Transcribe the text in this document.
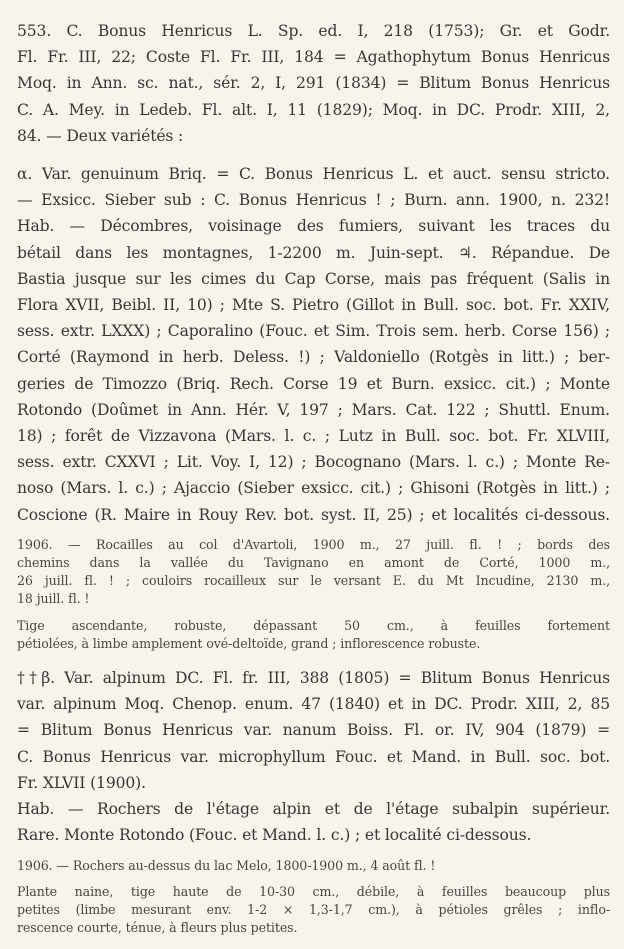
553. C. Bonus Henricus L. Sp. ed. I, 218 (1753); Gr. et Godr.
Fl. Fr. III, 22; Coste Fl. Fr. III, 184 = Agathophytum Bonus Henricus
Moq. in Ann. sc. nat., sér. 2, I, 291 (1834) = Blitum Bonus Henricus
C. A. Mey. in Ledeb. Fl. alt. I, 11 (1829); Moq. in DC. Prodr. XIII, 2,
84. — Deux variétés :
α. Var. genuinum Briq. = C. Bonus Henricus L. et auct. sensu stricto.
— Exsicc. Sieber sub : C. Bonus Henricus ! ; Burn. ann. 1900, n. 232!
Hab. — Décombres, voisinage des fumiers, suivant les traces du
bétail dans les montagnes, 1-2200 m. Juin-sept. ♃. Répandue. De
Bastia jusque sur les cimes du Cap Corse, mais pas fréquent (Salis in
Flora XVII, Beibl. II, 10) ; Mte S. Pietro (Gillot in Bull. soc. bot. Fr. XXIV,
sess. extr. LXXX) ; Caporalino (Fouc. et Sim. Trois sem. herb. Corse 156) ;
Corté (Raymond in herb. Deless. !) ; Valdoniello (Rotgès in litt.) ; ber-
geries de Timozzo (Briq. Rech. Corse 19 et Burn. exsicc. cit.) ; Monte
Rotondo (Doûmet in Ann. Hér. V, 197 ; Mars. Cat. 122 ; Shuttl. Enum.
18) ; forêt de Vizzavona (Mars. l. c. ; Lutz in Bull. soc. bot. Fr. XLVIII,
sess. extr. CXXVI ; Lit. Voy. I, 12) ; Bocognano (Mars. l. c.) ; Monte Re-
noso (Mars. l. c.) ; Ajaccio (Sieber exsicc. cit.) ; Ghisoni (Rotgès in litt.) ;
Coscione (R. Maire in Rouy Rev. bot. syst. II, 25) ; et localités ci-dessous.
1906. — Rocailles au col d'Avartoli, 1900 m., 27 juill. fl. ! ; bords des
chemins dans la vallée du Tavignano en amont de Corté, 1000 m.,
26 juill. fl. ! ; couloirs rocailleux sur le versant E. du Mt Incudine, 2130 m.,
18 juill. fl. !
Tige ascendante, robuste, dépassant 50 cm., à feuilles fortement
pétiolées, à limbe amplement ové-deltoïde, grand ; inflorescence robuste.
††β. Var. alpinum DC. Fl. fr. III, 388 (1805) = Blitum Bonus Henricus
var. alpinum Moq. Chenop. enum. 47 (1840) et in DC. Prodr. XIII, 2, 85
= Blitum Bonus Henricus var. nanum Boiss. Fl. or. IV, 904 (1879) =
C. Bonus Henricus var. microphyllum Fouc. et Mand. in Bull. soc. bot.
Fr. XLVII (1900).
Hab. — Rochers de l'étage alpin et de l'étage subalpin supérieur.
Rare. Monte Rotondo (Fouc. et Mand. l. c.) ; et localité ci-dessous.
1906. — Rochers au-dessus du lac Melo, 1800-1900 m., 4 août fl. !
Plante naine, tige haute de 10-30 cm., débile, à feuilles beaucoup plus
petites (limbe mesurant env. 1-2 × 1,3-1,7 cm.), à pétioles grêles ; inflo-
rescence courte, ténue, à fleurs plus petites.
